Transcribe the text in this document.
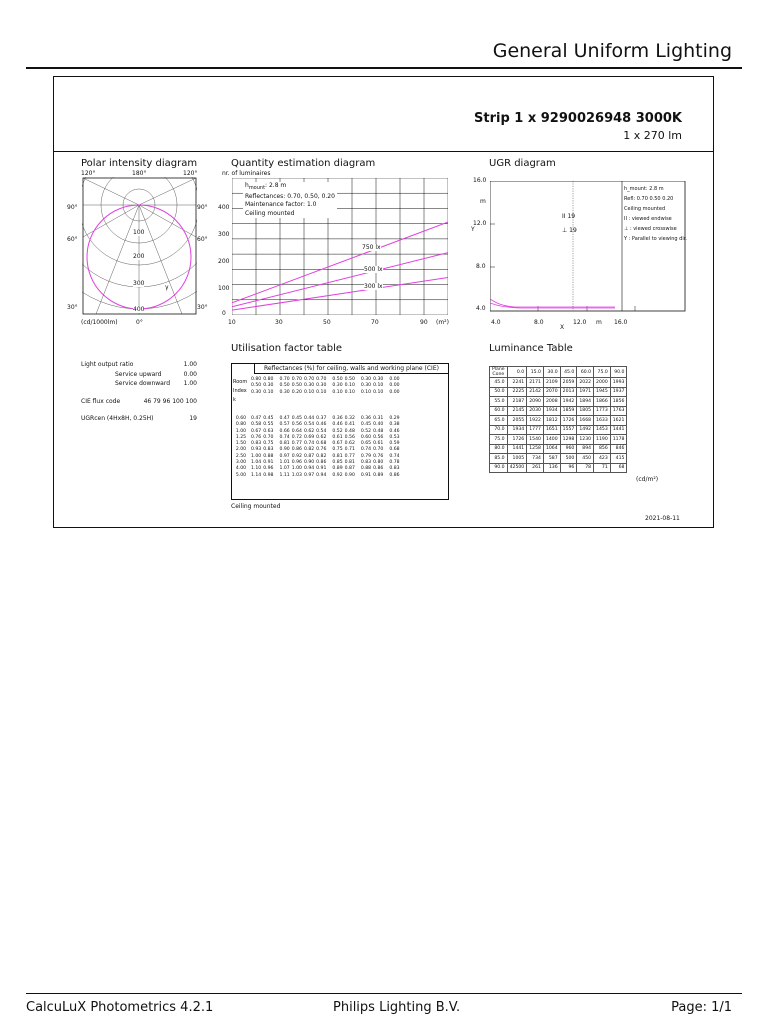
General Uniform Lighting
Strip 1 x 9290026948 3000K
1 x 270 lm
Polar intensity diagram
120°	180°	120°
90°	90°
60°	60°
30°	30°
100
200
300
400
γ
(cd/1000lm)	0°
Quantity estimation diagram
nr. of luminaires
400
300
200
100
0
10	30	50	70	90 (m²)
$h_{mount}$: 2.8 m
Reflectances: 0.70, 0.50, 0.20
Maintenance factor: 1.0
Ceiling mounted
750 lx
500 lx
300 lx
UGR diagram
16.0
12.0
8.0
4.0
m
Y
4.0	8.0	12.0 m 16.0
X
II 19
⊥ 19
h_mount: 2.8 m
Refl: 0.70 0.50 0.20
Ceiling mounted
II : viewed endwise
⊥ : viewed crosswise
Y : Parallel to viewing dir.
Light output ratio	1.00
Service upward	0.00
Service downward 1.00
CIE flux code	46 79 96 100 100
UGRcen (4Hx8H, 0.25H)	19
Utilisation factor table
Reflectances (%) for ceiling, walls and working plane (CIE)
Room
Index
k
	0.80	0.80	0.70	0.70	0.70	0.70	0.50	0.50	0.30	0.30	0.00
	0.50	0.30	0.50	0.50	0.30	0.30	0.30	0.10	0.30	0.10	0.00
	0.30	0.10	0.30	0.20	0.10	0.10	0.10	0.10	0.10	0.10	0.00
0.60	0.47	0.45	0.47	0.45	0.44	0.37	0.36	0.32	0.36	0.31	0.29
0.80	0.58	0.55	0.57	0.56	0.54	0.46	0.46	0.41	0.45	0.40	0.38
1.00	0.67	0.63	0.66	0.64	0.62	0.54	0.52	0.48	0.52	0.48	0.46
1.25	0.76	0.70	0.74	0.72	0.69	0.62	0.61	0.56	0.60	0.56	0.53
1.50	0.83	0.75	0.81	0.77	0.74	0.68	0.67	0.62	0.65	0.61	0.59
2.00	0.93	0.83	0.90	0.86	0.82	0.76	0.75	0.71	0.74	0.70	0.68
2.50	1.00	0.88	0.97	0.92	0.87	0.82	0.81	0.77	0.79	0.76	0.74
3.00	1.04	0.91	1.01	0.96	0.90	0.86	0.85	0.81	0.83	0.80	0.78
4.00	1.10	0.96	1.07	1.00	0.94	0.91	0.89	0.87	0.88	0.86	0.83
5.00	1.14	0.98	1.11	1.03	0.97	0.94	0.92	0.90	0.91	0.89	0.86
Ceiling mounted
Luminance Table
Plane
Cone	0.0	15.0	30.0	45.0	60.0	75.0	90.0
45.0	2241	2171	2109	2059	2022	2000	1993
50.0	2225	2142	2070	2013	1971	1945	1937
55.0	2187	2090	2008	1942	1894	1866	1856
60.0	2145	2030	1934	1859	1805	1773	1763
65.0	2055	1922	1812	1726	1668	1633	1621
70.0	1934	1777	1651	1557	1492	1453	1441
75.0	1726	1540	1400	1298	1230	1190	1178
80.0	1441	1258	1064	960	894	856	846
85.0	1005	734	587	500	450	423	415
90.0	42500	261	136	96	78	71	68
(cd/m²)
2021-08-11
CalcuLuX Photometrics 4.2.1	Philips Lighting B.V.	Page: 1/1
